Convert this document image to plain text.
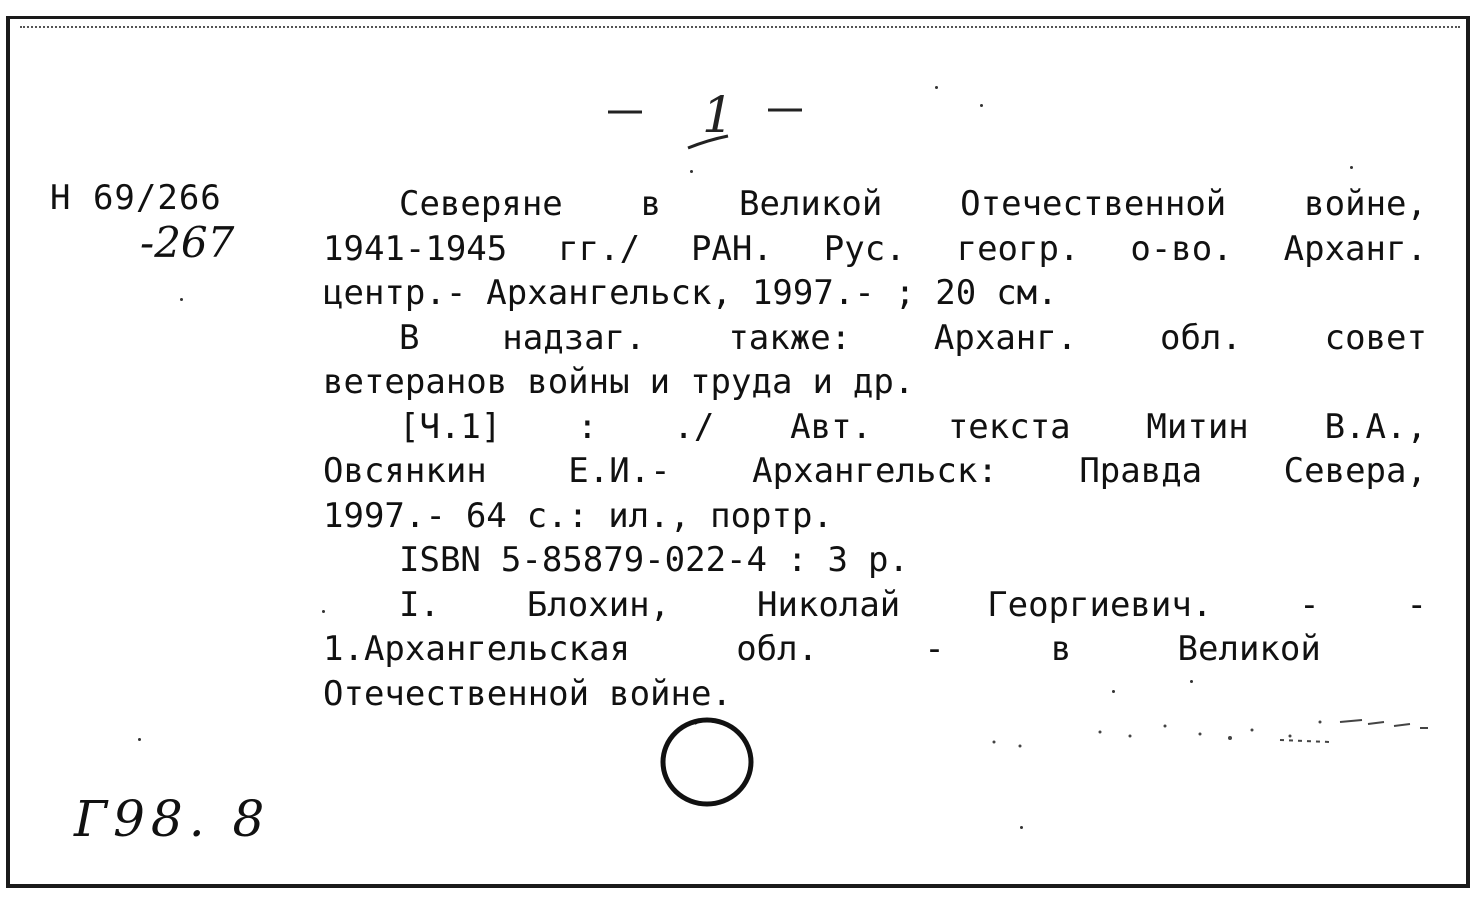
1
Н 69/266
-267
Северяне в Великой Отечественной войне,
1941-1945 гг./ РАН. Рус. геогр. о-во. Арханг.
центр.- Архангельск, 1997.- ; 20 см.
В надзаг. также: Арханг. обл. совет
ветеранов войны и труда и др.
[Ч.1] : ./ Авт. текста Митин В.А.,
Овсянкин Е.И.- Архангельск: Правда Севера,
1997.- 64 с.: ил., портр.
ISBN 5-85879-022-4 : 3 р.
I.	Блохин,	Николай	Георгиевич.	-	-
1.Архангельская	обл.	-	в	Великой
Отечественной войне.
Г98. 8
